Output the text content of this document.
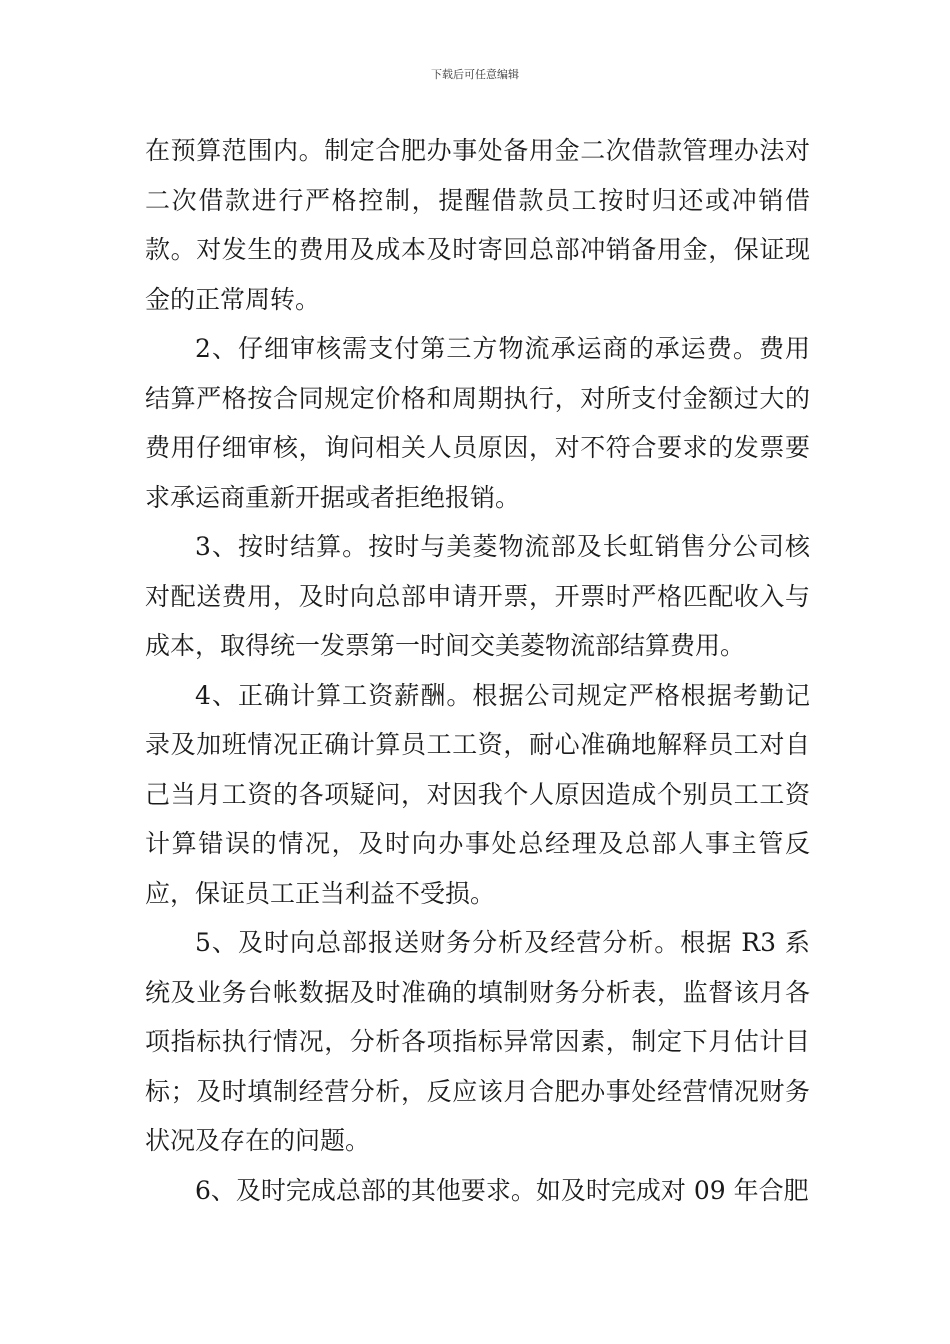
下载后可任意编辑

在预算范围内。制定合肥办事处备用金二次借款管理办法对二次借款进行严格控制，提醒借款员工按时归还或冲销借款。对发生的费用及成本及时寄回总部冲销备用金，保证现金的正常周转。

2、仔细审核需支付第三方物流承运商的承运费。费用结算严格按合同规定价格和周期执行，对所支付金额过大的费用仔细审核，询问相关人员原因，对不符合要求的发票要求承运商重新开据或者拒绝报销。

3、按时结算。按时与美菱物流部及长虹销售分公司核对配送费用，及时向总部申请开票，开票时严格匹配收入与成本，取得统一发票第一时间交美菱物流部结算费用。

4、正确计算工资薪酬。根据公司规定严格根据考勤记录及加班情况正确计算员工工资，耐心准确地解释员工对自己当月工资的各项疑问，对因我个人原因造成个别员工工资计算错误的情况，及时向办事处总经理及总部人事主管反应，保证员工正当利益不受损。

5、及时向总部报送财务分析及经营分析。根据 R3 系统及业务台帐数据及时准确的填制财务分析表，监督该月各项指标执行情况，分析各项指标异常因素，制定下月估计目标；及时填制经营分析，反应该月合肥办事处经营情况财务状况及存在的问题。

6、及时完成总部的其他要求。如及时完成对 09 年合肥
